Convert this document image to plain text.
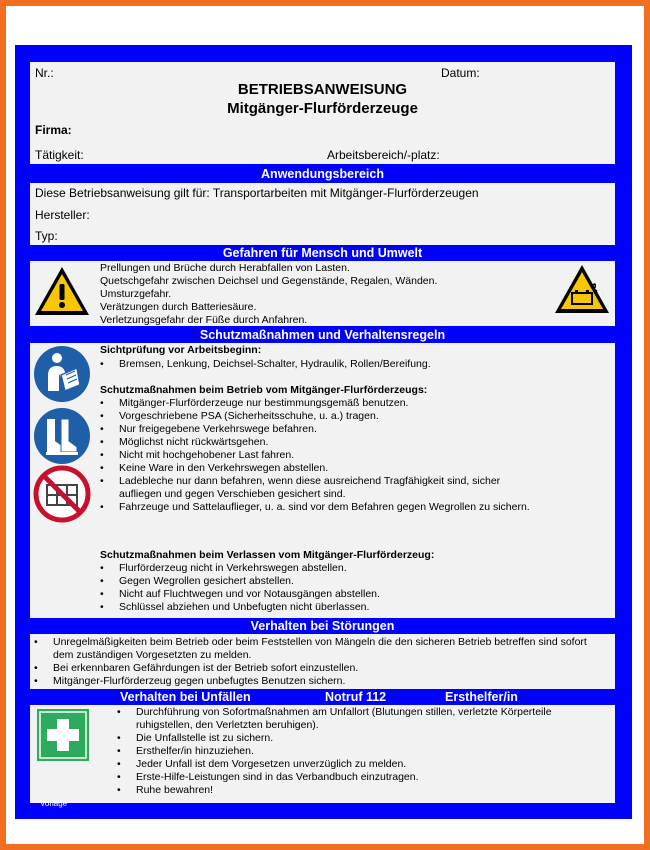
Nr.:	Datum:
BETRIEBSANWEISUNG
Mitgänger-Flurförderzeuge
Firma:
Tätigkeit:	Arbeitsbereich/-platz:
Anwendungsbereich
Diese Betriebsanweisung gilt für: Transportarbeiten mit Mitgänger-Flurförderzeugen
Hersteller:
Typ:
Gefahren für Mensch und Umwelt
Prellungen und Brüche durch Herabfallen von Lasten.
Quetschgefahr zwischen Deichsel und Gegenstände, Regalen, Wänden.
Umsturzgefahr.
Verätzungen durch Batteriesäure.
Verletzungsgefahr der Füße durch Anfahren.
Schutzmaßnahmen und Verhaltensregeln
Sichtprüfung vor Arbeitsbeginn:
• Bremsen, Lenkung, Deichsel-Schalter, Hydraulik, Rollen/Bereifung.
Schutzmaßnahmen beim Betrieb vom Mitgänger-Flurförderzeugs:
• Mitgänger-Flurförderzeuge nur bestimmungsgemäß benutzen.
• Vorgeschriebene PSA (Sicherheitsschuhe, u. a.) tragen.
• Nur freigegebene Verkehrswege befahren.
• Möglichst nicht rückwärtsgehen.
• Nicht mit hochgehobener Last fahren.
• Keine Ware in den Verkehrswegen abstellen.
• Ladebleche nur dann befahren, wenn diese ausreichend Tragfähigkeit sind, sicher aufliegen und gegen Verschieben gesichert sind.
• Fahrzeuge und Sattelauflieger, u. a. sind vor dem Befahren gegen Wegrollen zu sichern.
Schutzmaßnahmen beim Verlassen vom Mitgänger-Flurförderzeug:
• Flurförderzeug nicht in Verkehrswegen abstellen.
• Gegen Wegrollen gesichert abstellen.
• Nicht auf Fluchtwegen und vor Notausgängen abstellen.
• Schlüssel abziehen und Unbefugten nicht überlassen.
Verhalten bei Störungen
• Unregelmäßigkeiten beim Betrieb oder beim Feststellen von Mängeln die den sicheren Betrieb betreffen sind sofort dem zuständigen Vorgesetzten zu melden.
• Bei erkennbaren Gefährdungen ist der Betrieb sofort einzustellen.
• Mitgänger-Flurförderzeug gegen unbefugtes Benutzen sichern.
Verhalten bei Unfällen	Notruf 112	Ersthelfer/in
• Durchführung von Sofortmaßnahmen am Unfallort (Blutungen stillen, verletzte Körperteile ruhigstellen, den Verletzten beruhigen).
• Die Unfallstelle ist zu sichern.
• Ersthelfer/in hinzuziehen.
• Jeder Unfall ist dem Vorgesetzen unverzüglich zu melden.
• Erste-Hilfe-Leistungen sind in das Verbandbuch einzutragen.
• Ruhe bewahren!
Vorlage
